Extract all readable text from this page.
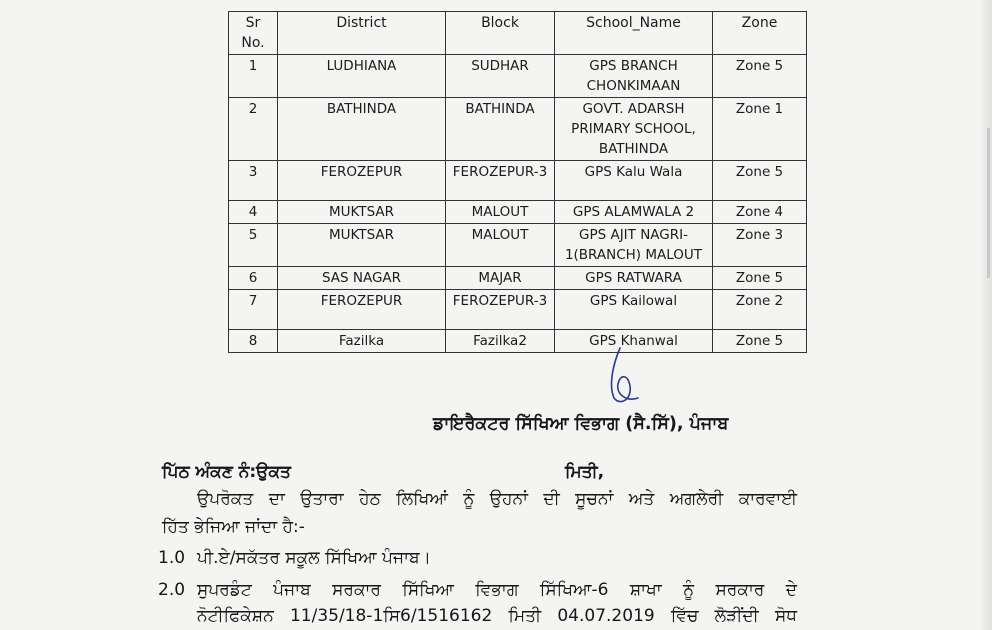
Sr No.	District	Block	School_Name	Zone
1	LUDHIANA	SUDHAR	GPS BRANCH CHONKIMAAN	Zone 5
2	BATHINDA	BATHINDA	GOVT. ADARSH PRIMARY SCHOOL, BATHINDA	Zone 1
3	FEROZEPUR	FEROZEPUR-3	GPS Kalu Wala	Zone 5
4	MUKTSAR	MALOUT	GPS ALAMWALA 2	Zone 4
5	MUKTSAR	MALOUT	GPS AJIT NAGRI-1(BRANCH) MALOUT	Zone 3
6	SAS NAGAR	MAJAR	GPS RATWARA	Zone 5
7	FEROZEPUR	FEROZEPUR-3	GPS Kailowal	Zone 2
8	Fazilka	Fazilka2	GPS Khanwal	Zone 5
ਡਾਇਰੈਕਟਰ ਸਿੱਖਿਆ ਵਿਭਾਗ (ਸੈ.ਸਿੱ), ਪੰਜਾਬ
ਪਿੱਠ ਅੰਕਣ ਨੰ:ਉਕਤ	ਮਿਤੀ,
ਉਪਰੋਕਤ ਦਾ ਉਤਾਰਾ ਹੇਠ ਲਿਖਿਆਂ ਨੂੰ ਉਹਨਾਂ ਦੀ ਸੂਚਨਾਂ ਅਤੇ ਅਗਲੇਰੀ ਕਾਰਵਾਈ
ਹਿੱਤ ਭੇਜਿਆ ਜਾਂਦਾ ਹੈ:-
1.0 ਪੀ.ਏ/ਸਕੱਤਰ ਸਕੂਲ ਸਿੱਖਿਆ ਪੰਜਾਬ।
2.0 ਸੁਪਰਡੰਟ ਪੰਜਾਬ ਸਰਕਾਰ ਸਿੱਖਿਆ ਵਿਭਾਗ ਸਿੱਖਿਆ-6 ਸ਼ਾਖਾ ਨੂੰ ਸਰਕਾਰ ਦੇ
ਨੋਟੀਫਿਕੇਸ਼ਨ 11/35/18-1ਸਿ6/1516162 ਮਿਤੀ 04.07.2019 ਵਿੱਚ ਲੋੜੀਂਦੀ ਸੋਧ
